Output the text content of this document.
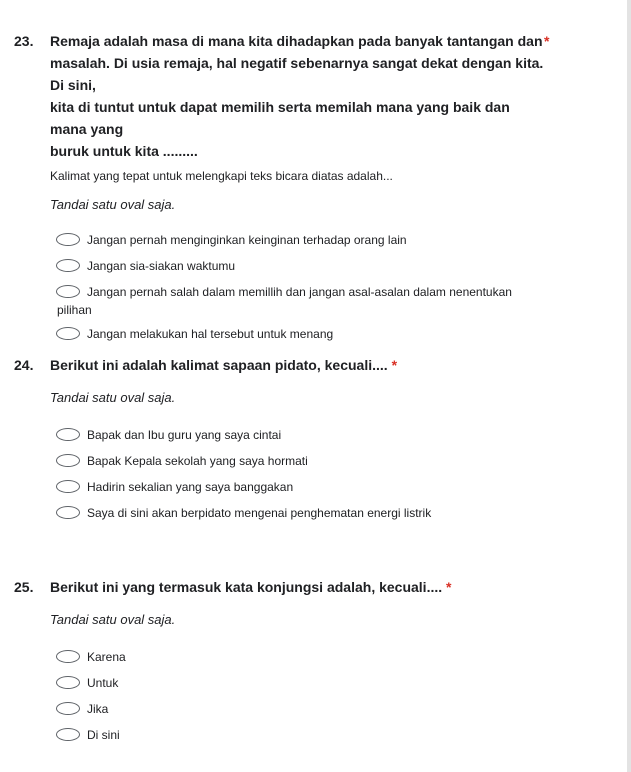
23. Remaja adalah masa di mana kita dihadapkan pada banyak tantangan dan
masalah. Di usia remaja, hal negatif sebenarnya sangat dekat dengan kita. Di sini,
kita di tuntut untuk dapat memilih serta memilah mana yang baik dan mana yang
buruk untuk kita .........
*
Kalimat yang tepat untuk melengkapi teks bicara diatas adalah...
Tandai satu oval saja.
Jangan pernah menginginkan keinginan terhadap orang lain
Jangan sia-siakan waktumu
Jangan pernah salah dalam memillih dan jangan asal-asalan dalam nenentukan
pilihan
Jangan melakukan hal tersebut untuk menang
24. Berikut ini adalah kalimat sapaan pidato, kecuali.... *
Tandai satu oval saja.
Bapak dan Ibu guru yang saya cintai
Bapak Kepala sekolah yang saya hormati
Hadirin sekalian yang saya banggakan
Saya di sini akan berpidato mengenai penghematan energi listrik
25. Berikut ini yang termasuk kata konjungsi adalah, kecuali.... *
Tandai satu oval saja.
Karena
Untuk
Jika
Di sini
